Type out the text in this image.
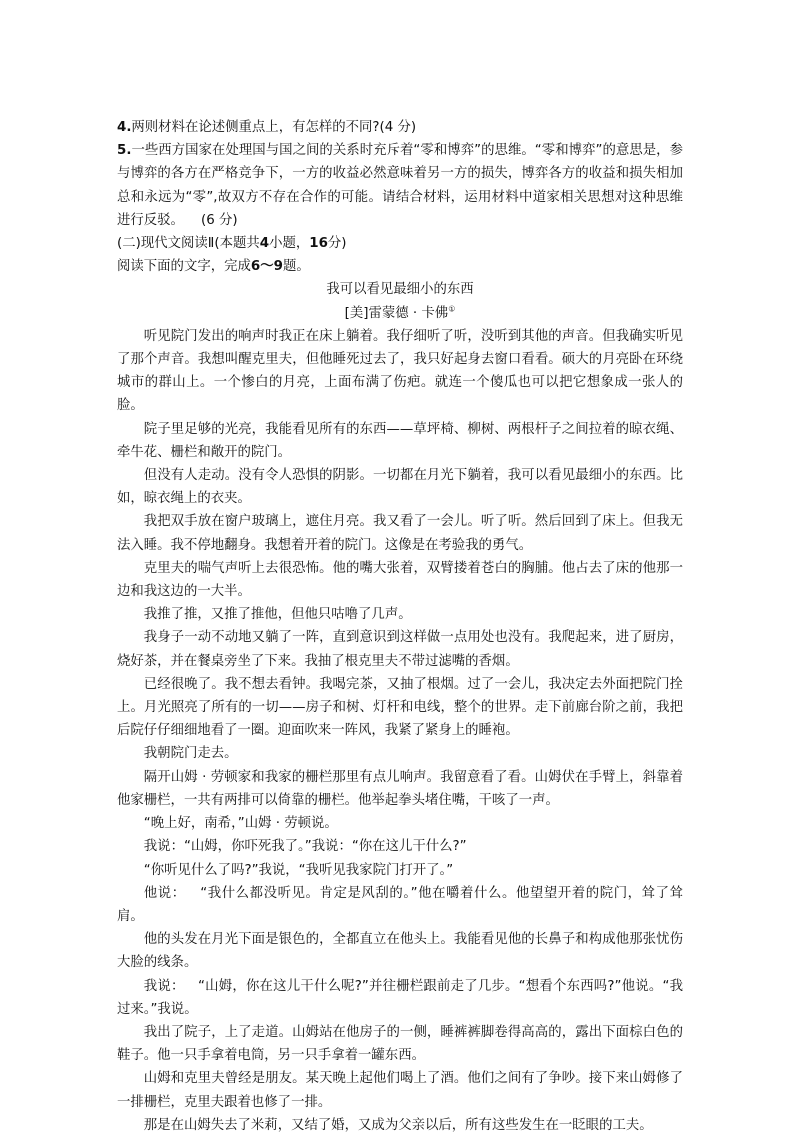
4.两则材料在论述侧重点上，有怎样的不同?(4 分)

5.一些西方国家在处理国与国之间的关系时充斥着“零和博弈”的思维。“零和博弈”的意思是，参与博弈的各方在严格竞争下，一方的收益必然意味着另一方的损失，博弈各方的收益和损失相加总和永远为“零”,故双方不存在合作的可能。请结合材料，运用材料中道家相关思想对这种思维进行反驳。 (6 分)

(二)现代文阅读Ⅱ(本题共4小题，16分)

阅读下面的文字，完成6～9题。

我可以看见最细小的东西

[美]雷蒙德 · 卡佛①

听见院门发出的响声时我正在床上躺着。我仔细听了听，没听到其他的声音。但我确实听见了那个声音。我想叫醒克里夫，但他睡死过去了，我只好起身去窗口看看。硕大的月亮卧在环绕城市的群山上。一个惨白的月亮，上面布满了伤疤。就连一个傻瓜也可以把它想象成一张人的脸。

院子里足够的光亮，我能看见所有的东西——草坪椅、柳树、两根杆子之间拉着的晾衣绳、牵牛花、栅栏和敞开的院门。

但没有人走动。没有令人恐惧的阴影。一切都在月光下躺着，我可以看见最细小的东西。比如，晾衣绳上的衣夹。

我把双手放在窗户玻璃上，遮住月亮。我又看了一会儿。听了听。然后回到了床上。但我无法入睡。我不停地翻身。我想着开着的院门。这像是在考验我的勇气。

克里夫的喘气声听上去很恐怖。他的嘴大张着，双臂搂着苍白的胸脯。他占去了床的他那一边和我这边的一大半。

我推了推，又推了推他，但他只咕噜了几声。

我身子一动不动地又躺了一阵，直到意识到这样做一点用处也没有。我爬起来，进了厨房，烧好茶，并在餐桌旁坐了下来。我抽了根克里夫不带过滤嘴的香烟。

已经很晚了。我不想去看钟。我喝完茶，又抽了根烟。过了一会儿，我决定去外面把院门拴上。月光照亮了所有的一切——房子和树、灯杆和电线，整个的世界。走下前廊台阶之前，我把后院仔仔细细地看了一圈。迎面吹来一阵风，我紧了紧身上的睡袍。

我朝院门走去。

隔开山姆 · 劳顿家和我家的栅栏那里有点儿响声。我留意看了看。山姆伏在手臂上，斜靠着他家栅栏，一共有两排可以倚靠的栅栏。他举起拳头堵住嘴，干咳了一声。

“晚上好，南希，”山姆 · 劳顿说。

我说：“山姆，你吓死我了。”我说：“你在这儿干什么?”

“你听见什么了吗?”我说，“我听见我家院门打开了。”

他说：   “我什么都没听见。肯定是风刮的。”他在嚼着什么。他望望开着的院门，耸了耸肩。

他的头发在月光下面是银色的，全都直立在他头上。我能看见他的长鼻子和构成他那张忧伤大脸的线条。

我说：   “山姆，你在这儿干什么呢?”并往栅栏跟前走了几步。“想看个东西吗?”他说。“我过来。”我说。

我出了院子，上了走道。山姆站在他房子的一侧，睡裤裤脚卷得高高的，露出下面棕白色的鞋子。他一只手拿着电筒，另一只手拿着一罐东西。

山姆和克里夫曾经是朋友。某天晚上起他们喝上了酒。他们之间有了争吵。接下来山姆修了一排栅栏，克里夫跟着也修了一排。

那是在山姆失去了米莉，又结了婚，又成为父亲以后，所有这些发生在一眨眼的工夫。
